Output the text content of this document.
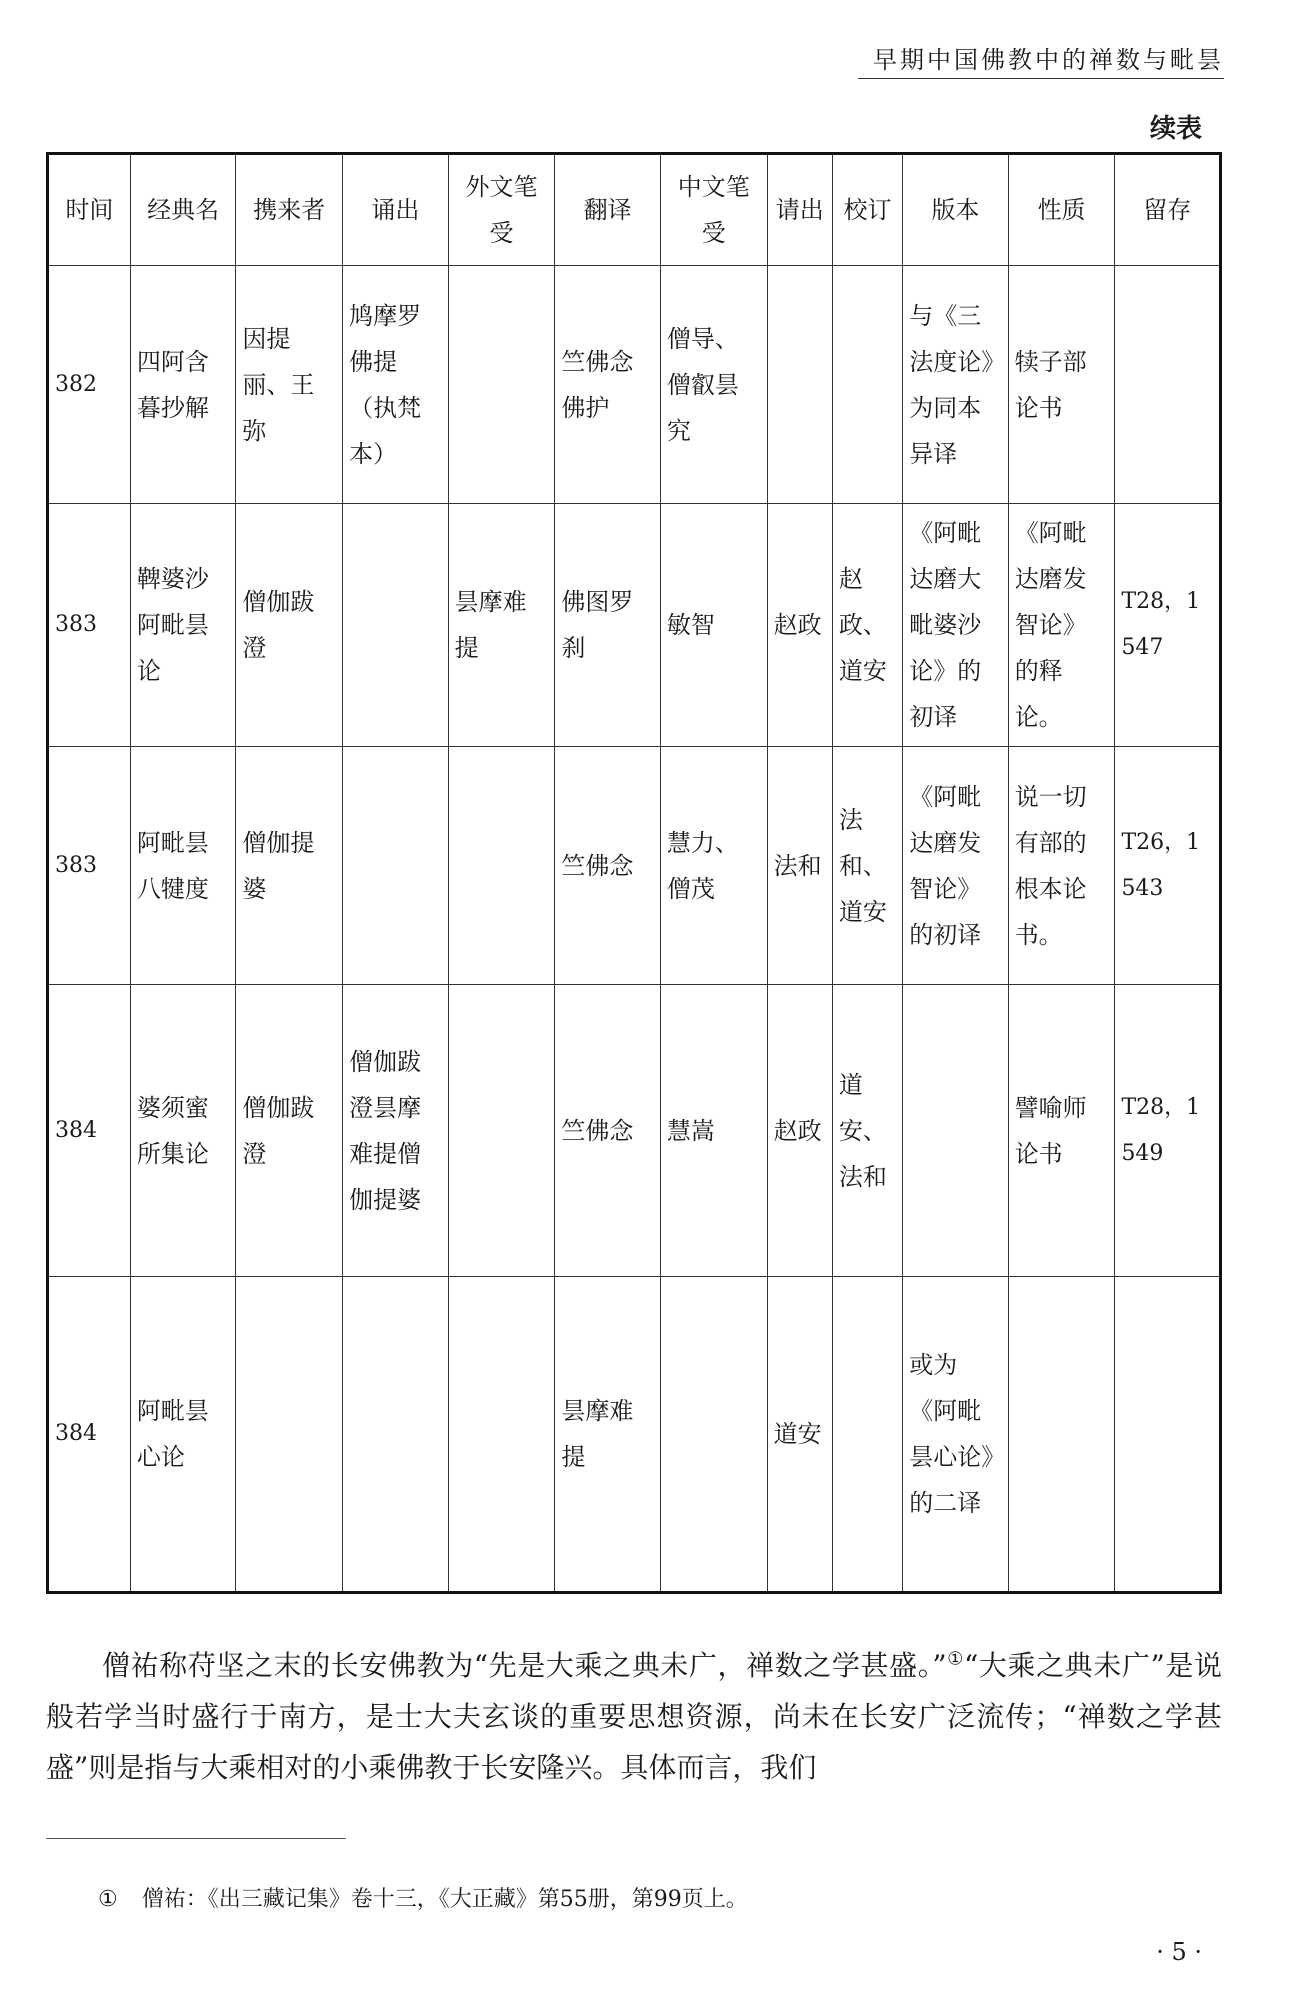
早期中国佛教中的禅数与毗昙
续表
时间	经典名	携来者	诵出	外文笔受	翻译	中文笔受	请出	校订	版本	性质	留存
382	四阿含暮抄解	因提丽、王弥	鸠摩罗佛提（执梵本）		竺佛念佛护	僧导、僧叡昙究			与《三法度论》为同本异译	犊子部论书	
383	鞞婆沙阿毗昙论	僧伽跋澄		昙摩难提	佛图罗刹	敏智	赵政	赵政、道安	《阿毗达磨大毗婆沙论》的初译	《阿毗达磨发智论》的释论。	T28，1547
383	阿毗昙八犍度	僧伽提婆			竺佛念	慧力、僧茂	法和	法和、道安	《阿毗达磨发智论》的初译	说一切有部的根本论书。	T26，1543
384	婆须蜜所集论	僧伽跋澄	僧伽跋澄昙摩难提僧伽提婆		竺佛念	慧嵩	赵政	道安、法和		譬喻师论书	T28，1549
384	阿毗昙心论				昙摩难提		道安		或为《阿毗昙心论》的二译		

僧祐称苻坚之末的长安佛教为“先是大乘之典未广，禅数之学甚盛。”①“大乘之典未广”是说般若学当时盛行于南方，是士大夫玄谈的重要思想资源，尚未在长安广泛流传；“禅数之学甚盛”则是指与大乘相对的小乘佛教于长安隆兴。具体而言，我们

① 僧祐：《出三藏记集》卷十三，《大正藏》第55册，第99页上。

· 5 ·
